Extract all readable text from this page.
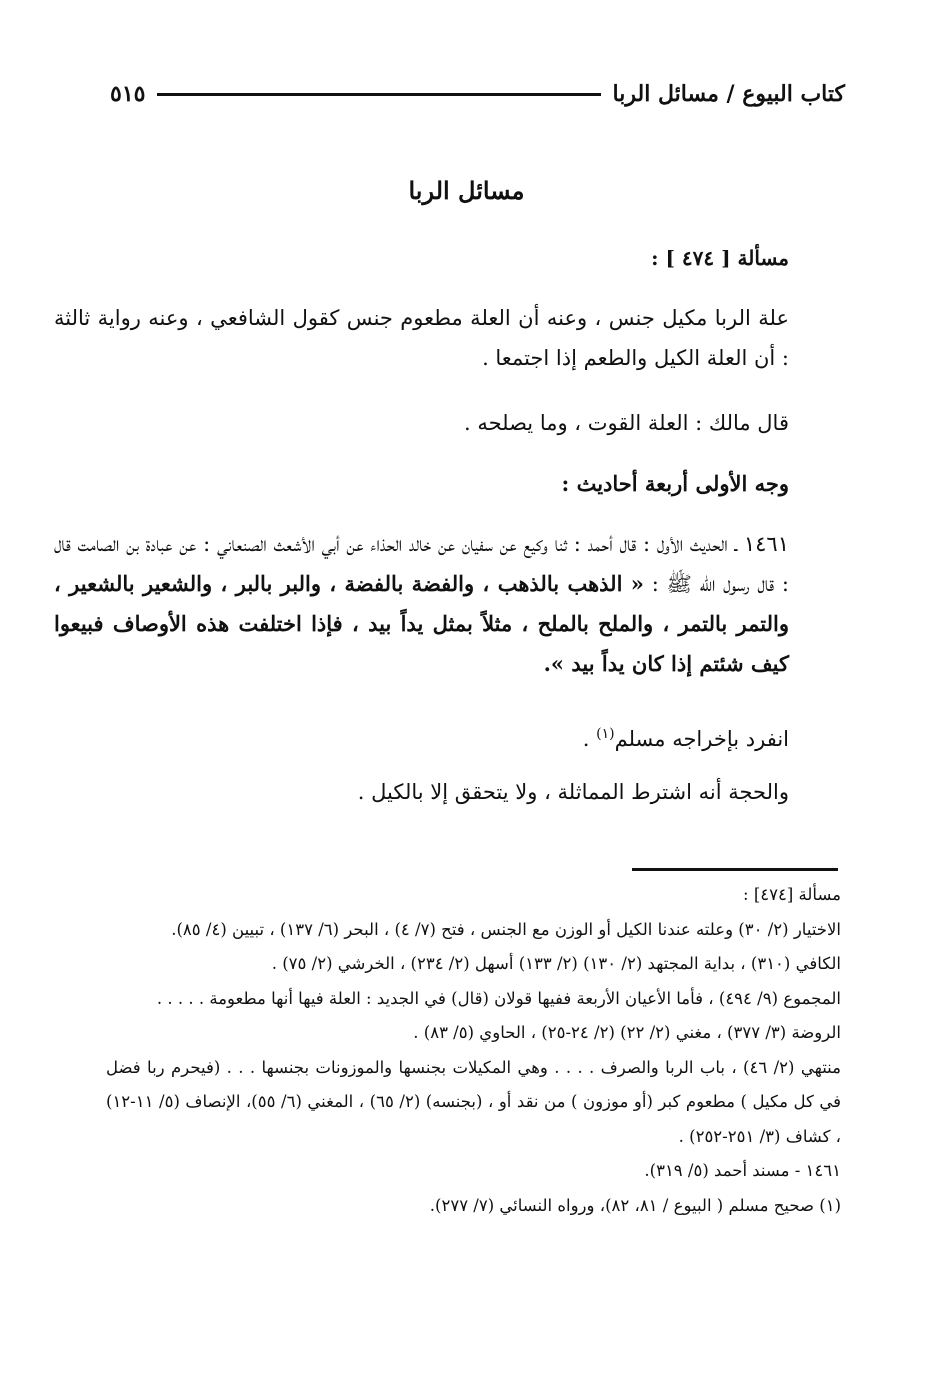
كتاب البيوع / مسائل الربا
٥١٥
مسائل الربا
مسألة [ ٤٧٤ ] :
علة الربا مكيل جنس ، وعنه أن العلة مطعوم جنس كقول الشافعي ، وعنه رواية ثالثة : أن العلة الكيل والطعم إذا اجتمعا .
قال مالك : العلة القوت ، وما يصلحه .
وجه الأولى أربعة أحاديث :
١٤٦١ ـ الحديث الأول : قال أحمد : ثنا وكيع عن سفيان عن خالد الحذاء عن أبي الأشعث الصنعاني : عن عبادة بن الصامت قال : قال رسول الله ﷺ : « الذهب بالذهب ، والفضة بالفضة ، والبر بالبر ، والشعير بالشعير ، والتمر بالتمر ، والملح بالملح ، مثلاً بمثل يداً بيد ، فإذا اختلفت هذه الأوصاف فبيعوا كيف شئتم إذا كان يداً بيد ».
انفرد بإخراجه مسلم$^{(١)}$ .
والحجة أنه اشترط المماثلة ، ولا يتحقق إلا بالكيل .
مسألة [٤٧٤] :
الاختيار (٢/ ٣٠) وعلته عندنا الكيل أو الوزن مع الجنس ، فتح (٧/ ٤) ، البحر (٦/ ١٣٧) ، تبيين (٤/ ٨٥).
الكافي (٣١٠) ، بداية المجتهد (٢/ ١٣٠) (٢/ ١٣٣) أسهل (٢/ ٢٣٤) ، الخرشي (٢/ ٧٥) .
المجموع (٩/ ٤٩٤) ، فأما الأعيان الأربعة ففيها قولان (قال) في الجديد : العلة فيها أنها مطعومة . . . . .
الروضة (٣/ ٣٧٧) ، مغني (٢/ ٢٢) (٢/ ٢٤-٢٥) ، الحاوي (٥/ ٨٣) .
منتهي (٢/ ٤٦) ، باب الربا والصرف . . . . وهي المكيلات بجنسها والموزونات بجنسها . . . (فيحرم ربا فضل في كل مكيل ) مطعوم كبر (أو موزون ) من نقد أو ، (بجنسه) (٢/ ٦٥) ، المغني (٦/ ٥٥)، الإنصاف (٥/ ١١-١٢) ، كشاف (٣/ ٢٥١-٢٥٢) .
١٤٦١ - مسند أحمد (٥/ ٣١٩).
(١) صحيح مسلم ( البيوع / ٨١، ٨٢)، ورواه النسائي (٧/ ٢٧٧).
